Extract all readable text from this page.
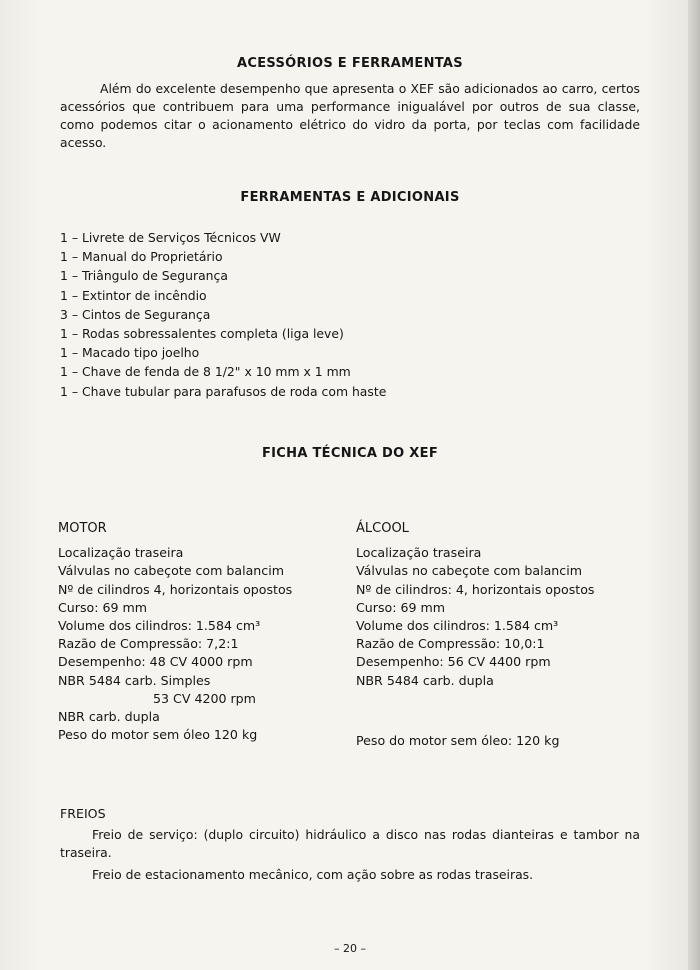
ACESSÓRIOS E FERRAMENTAS
Além do excelente desempenho que apresenta o XEF são adicionados ao carro, certos acessórios que contribuem para uma performance inigualável por outros de sua classe, como podemos citar o acionamento elétrico do vidro da porta, por teclas com facilidade acesso.
FERRAMENTAS E ADICIONAIS
1 – Livrete de Serviços Técnicos VW
1 – Manual do Proprietário
1 – Triângulo de Segurança
1 – Extintor de incêndio
3 – Cintos de Segurança
1 – Rodas sobressalentes completa (liga leve)
1 – Macado tipo joelho
1 – Chave de fenda de 8 1/2" x 10 mm x 1 mm
1 – Chave tubular para parafusos de roda com haste
FICHA TÉCNICA DO XEF
MOTOR
Localização traseira
Válvulas no cabeçote com balancim
Nº de cilindros 4, horizontais opostos
Curso: 69 mm
Volume dos cilindros: 1.584 cm³
Razão de Compressão: 7,2:1
Desempenho: 48 CV 4000 rpm
NBR 5484 carb. Simples
53 CV 4200 rpm
NBR carb. dupla
Peso do motor sem óleo 120 kg
ÁLCOOL
Localização traseira
Válvulas no cabeçote com balancim
Nº de cilindros: 4, horizontais opostos
Curso: 69 mm
Volume dos cilindros: 1.584 cm³
Razão de Compressão: 10,0:1
Desempenho: 56 CV 4400 rpm
NBR 5484 carb. dupla
Peso do motor sem óleo: 120 kg
FREIOS

Freio de serviço: (duplo circuito) hidráulico a disco nas rodas dianteiras e tambor na traseira.

Freio de estacionamento mecânico, com ação sobre as rodas traseiras.

– 20 –
